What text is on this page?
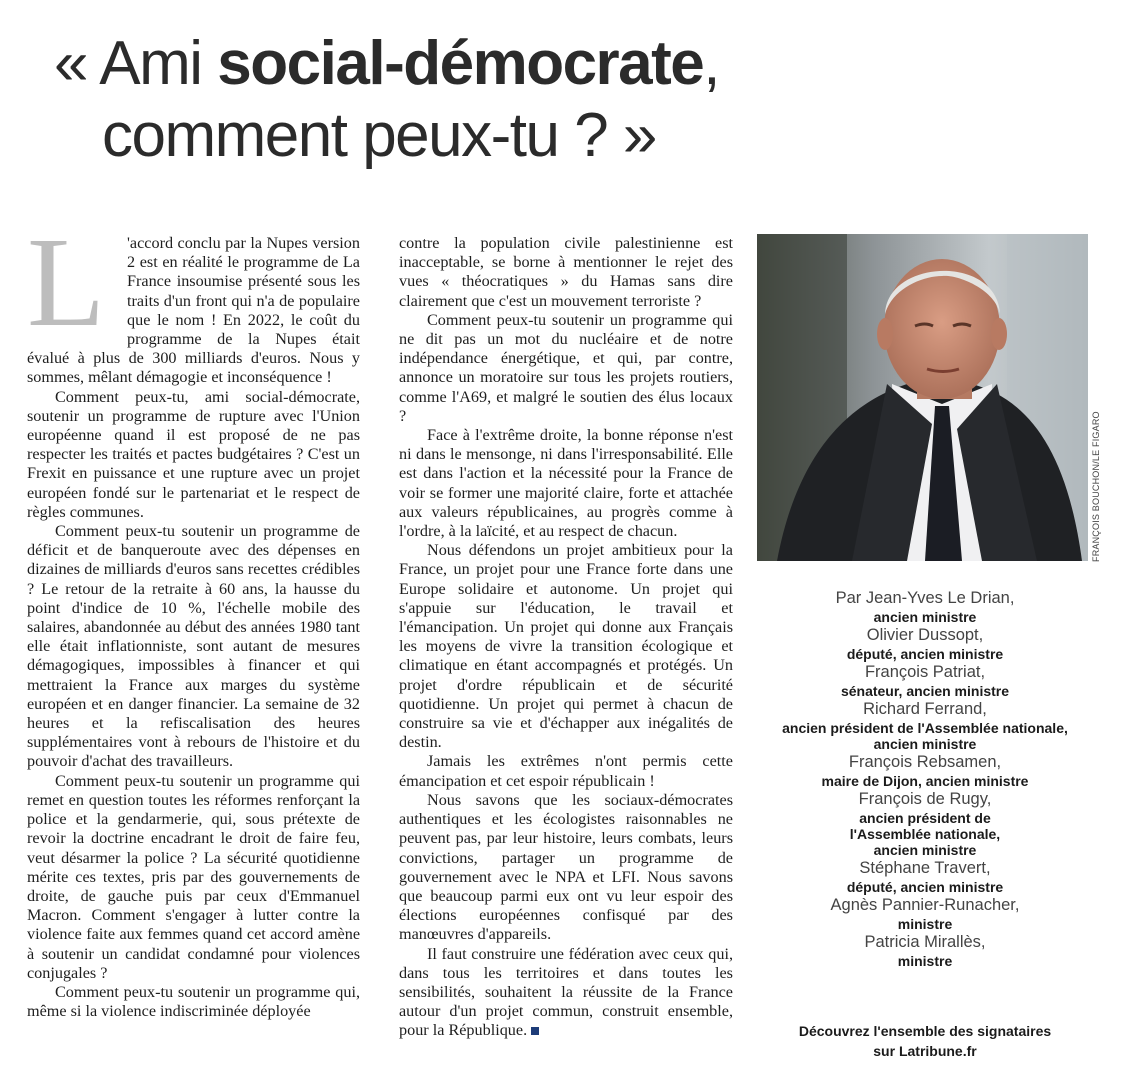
« Ami social-démocrate,
comment peux-tu ? »
L	'accord conclu par la Nupes version 2 est en réalité le programme de La France insoumise présenté sous les traits d'un front qui n'a de populaire que le nom ! En 2022, le coût du programme de la Nupes était évalué à plus de 300 milliards d'euros. Nous y sommes, mêlant démagogie et inconséquence !

Comment peux-tu, ami social-démocrate, soutenir un programme de rupture avec l'Union européenne quand il est proposé de ne pas respecter les traités et pactes budgétaires ? C'est un Frexit en puissance et une rupture avec un projet européen fondé sur le partenariat et le respect de règles communes.

Comment peux-tu soutenir un programme de déficit et de banqueroute avec des dépenses en dizaines de milliards d'euros sans recettes crédibles ? Le retour de la retraite à 60 ans, la hausse du point d'indice de 10 %, l'échelle mobile des salaires, abandonnée au début des années 1980 tant elle était inflationniste, sont autant de mesures démagogiques, impossibles à financer et qui mettraient la France aux marges du système européen et en danger financier. La semaine de 32 heures et la refiscalisation des heures supplémentaires vont à rebours de l'histoire et du pouvoir d'achat des travailleurs.

Comment peux-tu soutenir un programme qui remet en question toutes les réformes renforçant la police et la gendarmerie, qui, sous prétexte de revoir la doctrine encadrant le droit de faire feu, veut désarmer la police ? La sécurité quotidienne mérite ces textes, pris par des gouvernements de droite, de gauche puis par ceux d'Emmanuel Macron. Comment s'engager à lutter contre la violence faite aux femmes quand cet accord amène à soutenir un candidat condamné pour violences conjugales ?

Comment peux-tu soutenir un programme qui, même si la violence indiscriminée déployée

contre la population civile palestinienne est inacceptable, se borne à mentionner le rejet des vues « théocratiques » du Hamas sans dire clairement que c'est un mouvement terroriste ?

Comment peux-tu soutenir un programme qui ne dit pas un mot du nucléaire et de notre indépendance énergétique, et qui, par contre, annonce un moratoire sur tous les projets routiers, comme l'A69, et malgré le soutien des élus locaux ?

Face à l'extrême droite, la bonne réponse n'est ni dans le mensonge, ni dans l'irresponsabilité. Elle est dans l'action et la nécessité pour la France de voir se former une majorité claire, forte et attachée aux valeurs républicaines, au progrès comme à l'ordre, à la laïcité, et au respect de chacun.

Nous défendons un projet ambitieux pour la France, un projet pour une France forte dans une Europe solidaire et autonome. Un projet qui s'appuie sur l'éducation, le travail et l'émancipation. Un projet qui donne aux Français les moyens de vivre la transition écologique et climatique en étant accompagnés et protégés. Un projet d'ordre républicain et de sécurité quotidienne. Un projet qui permet à chacun de construire sa vie et d'échapper aux inégalités de destin.

Jamais les extrêmes n'ont permis cette émancipation et cet espoir républicain !

Nous savons que les sociaux-démocrates authentiques et les écologistes raisonnables ne peuvent pas, par leur histoire, leurs combats, leurs convictions, partager un programme de gouvernement avec le NPA et LFI. Nous savons que beaucoup parmi eux ont vu leur espoir des élections européennes confisqué par des manœuvres d'appareils.

Il faut construire une fédération avec ceux qui, dans tous les territoires et dans toutes les sensibilités, souhaitent la réussite de la France autour d'un projet commun, construit ensemble, pour la République.

FRANÇOIS BOUCHON/LE FIGARO
Par Jean-Yves Le Drian,
ancien ministre
Olivier Dussopt,
député, ancien ministre
François Patriat,
sénateur, ancien ministre
Richard Ferrand,
ancien président de l'Assemblée nationale, ancien ministre
François Rebsamen,
maire de Dijon, ancien ministre
François de Rugy,
ancien président de l'Assemblée nationale, ancien ministre
Stéphane Travert,
député, ancien ministre
Agnès Pannier-Runacher,
ministre
Patricia Mirallès,
ministre
Découvrez l'ensemble des signataires
sur Latribune.fr
